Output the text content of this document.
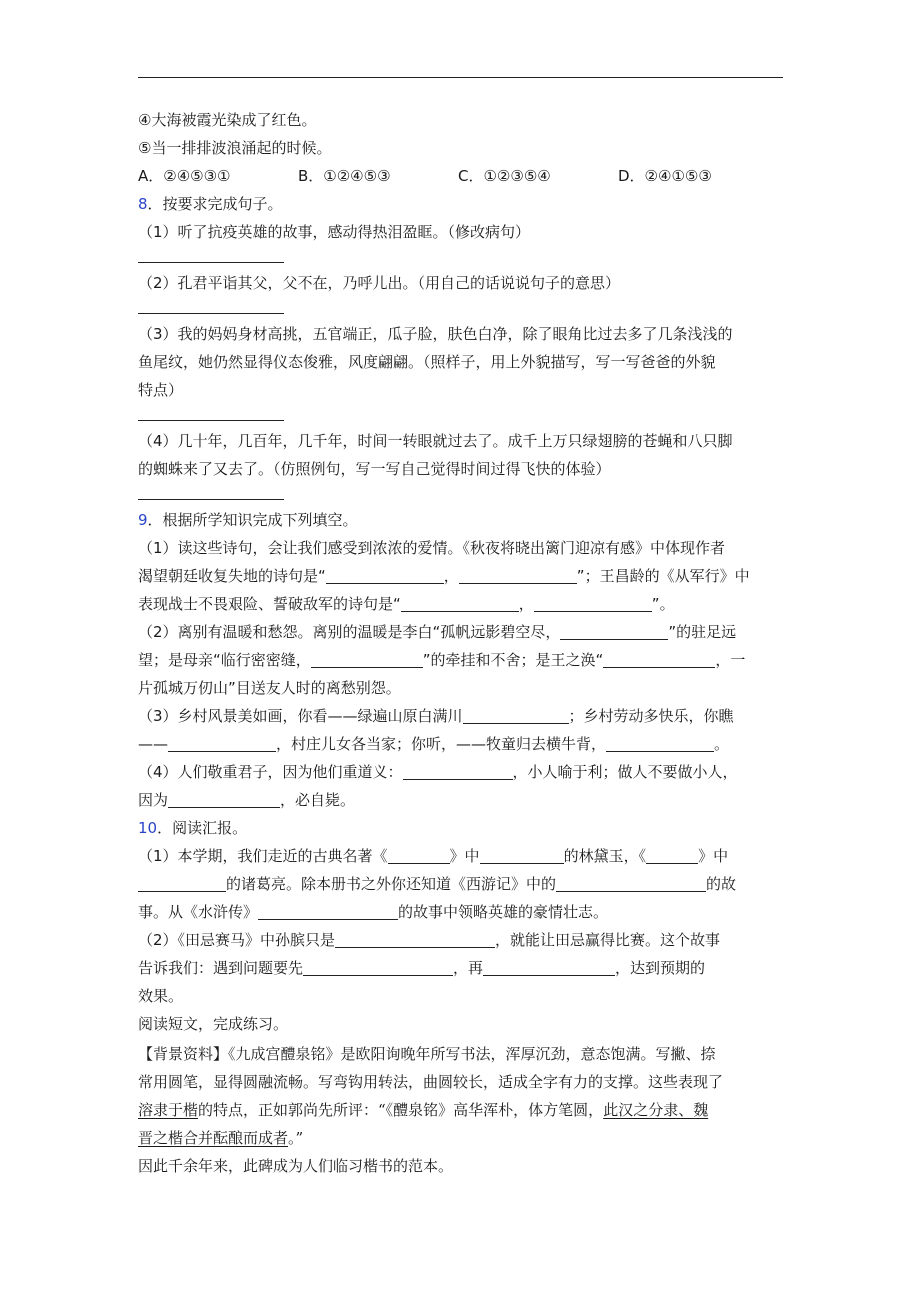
④大海被霞光染成了红色。

⑤当一排排波浪涌起的时候。

A．②④⑤③①	B．①②④⑤③	C．①②③⑤④	D．②④①⑤③

8．按要求完成句子。

（1）听了抗疫英雄的故事，感动得热泪盈眶。（修改病句）

（2）孔君平诣其父，父不在，乃呼儿出。（用自己的话说说句子的意思）

（3）我的妈妈身材高挑，五官端正，瓜子脸，肤色白净，除了眼角比过去多了几条浅浅的

鱼尾纹，她仍然显得仪态俊雅，风度翩翩。（照样子，用上外貌描写，写一写爸爸的外貌

特点）

（4）几十年，几百年，几千年，时间一转眼就过去了。成千上万只绿翅膀的苍蝇和八只脚

的蜘蛛来了又去了。（仿照例句，写一写自己觉得时间过得飞快的体验）

9．根据所学知识完成下列填空。

（1）读这些诗句，会让我们感受到浓浓的爱情。《秋夜将晓出篱门迎凉有感》中体现作者

渴望朝廷收复失地的诗句是“	，	”；王昌龄的《从军行》中

表现战士不畏艰险、誓破敌军的诗句是“	，	”。

（2）离别有温暖和愁怨。离别的温暖是李白“孤帆远影碧空尽，	”的驻足远

望；是母亲“临行密密缝，	”的牵挂和不舍；是王之涣“	，一

片孤城万仞山”目送友人时的离愁别怨。

（3）乡村风景美如画，你看——绿遍山原白满川	；乡村劳动多快乐，你瞧

——	，村庄儿女各当家；你听，——牧童归去横牛背，	。

（4）人们敬重君子，因为他们重道义：	，小人喻于利；做人不要做小人，

因为	，必自毙。

10．阅读汇报。

（1）本学期，我们走近的古典名著《	》中	的林黛玉，《	》中

的诸葛亮。除本册书之外你还知道《西游记》中的	的故

事。从《水浒传》	的故事中领略英雄的豪情壮志。

（2）《田忌赛马》中孙膑只是	，就能让田忌赢得比赛。这个故事

告诉我们：遇到问题要先	，再	，达到预期的

效果。

阅读短文，完成练习。

【背景资料】《九成宫醴泉铭》是欧阳询晚年所写书法，浑厚沉劲，意态饱满。写撇、捺

常用圆笔，显得圆融流畅。写弯钩用转法，曲圆较长，适成全字有力的支撑。这些表现了

溶隶于楷的特点，正如郭尚先所评：“《醴泉铭》高华浑朴，体方笔圆，此汉之分隶、魏

晋之楷合并酝酿而成者。”

因此千余年来，此碑成为人们临习楷书的范本。
